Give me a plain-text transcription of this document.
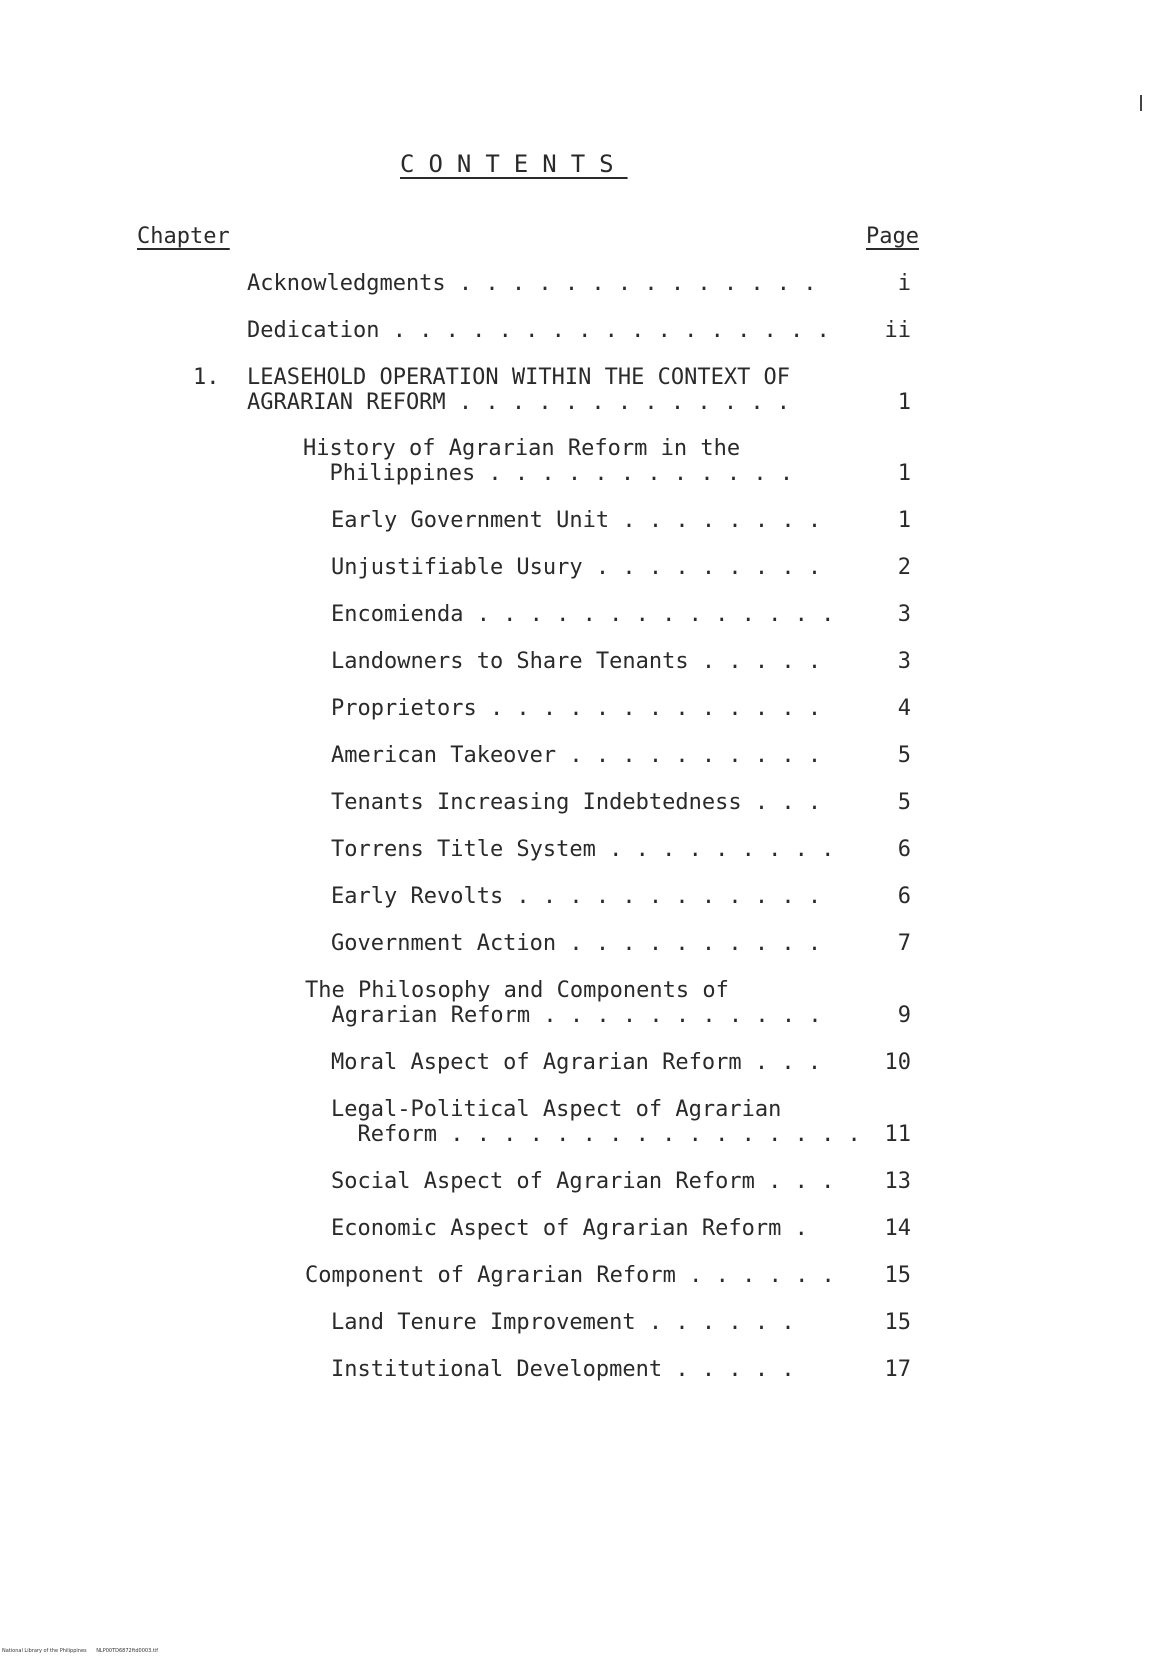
CONTENTS
Chapter	Page
Acknowledgments . . . . . . . . . . . . . .	i
Dedication . . . . . . . . . . . . . . . . .	ii
1. LEASEHOLD OPERATION WITHIN THE CONTEXT OF
AGRARIAN REFORM . . . . . . . . . . . . .	1
History of Agrarian Reform in the
Philippines . . . . . . . . . . . .	1
Early Government Unit . . . . . . . .	1
Unjustifiable Usury . . . . . . . . .	2
Encomienda . . . . . . . . . . . . . .	3
Landowners to Share Tenants . . . . .	3
Proprietors . . . . . . . . . . . . .	4
American Takeover . . . . . . . . . .	5
Tenants Increasing Indebtedness . . .	5
Torrens Title System . . . . . . . . .	6
Early Revolts . . . . . . . . . . . .	6
Government Action . . . . . . . . . .	7
The Philosophy and Components of
Agrarian Reform . . . . . . . . . . .	9
Moral Aspect of Agrarian Reform . . .	10
Legal-Political Aspect of Agrarian
Reform . . . . . . . . . . . . . . . .	11
Social Aspect of Agrarian Reform . . .	13
Economic Aspect of Agrarian Reform .	14
Component of Agrarian Reform . . . . . .	15
Land Tenure Improvement . . . . . .	15
Institutional Development . . . . .	17
National Library of the Philippines NLP00TD6872ftd0003.tif
